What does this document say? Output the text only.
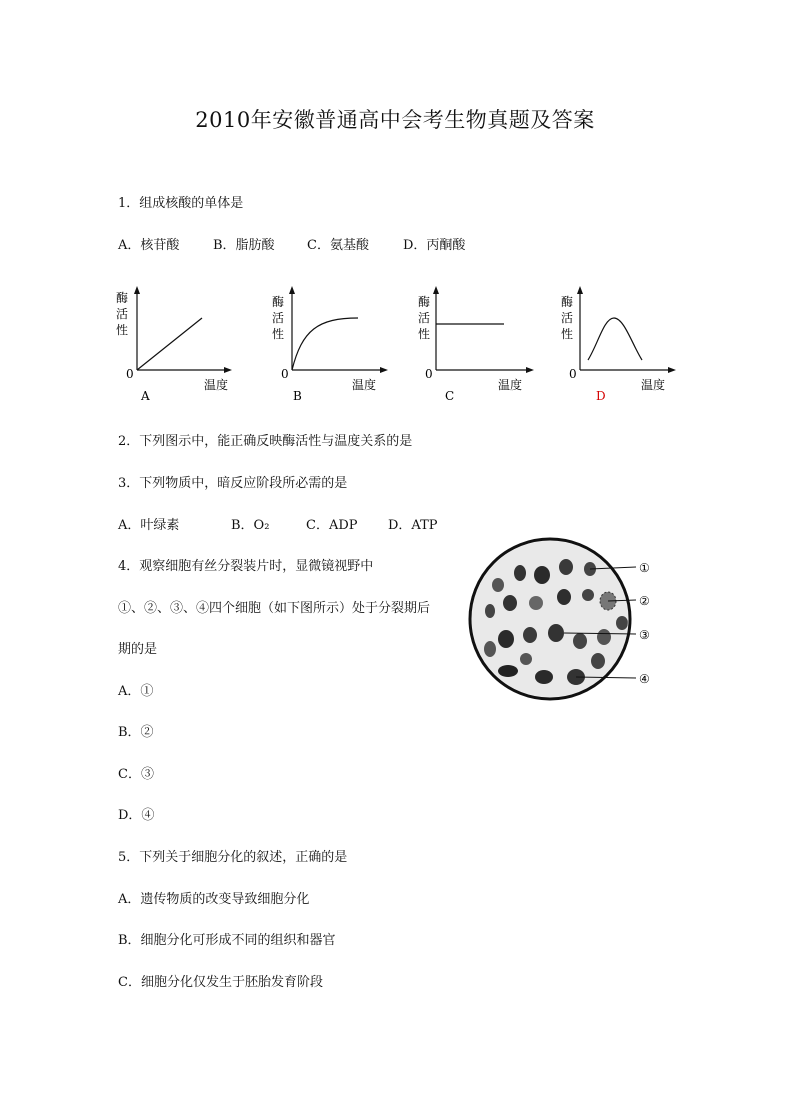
2010年安徽普通高中会考生物真题及答案
1．组成核酸的单体是
A．核苷酸	B．脂肪酸 C．氨基酸	D．丙酮酸
酶
活
性
0
温度
A
酶
活
性
0
温度
B
酶
活
性
0
温度
C
酶
活
性
0
温度
D
2．下列图示中，能正确反映酶活性与温度关系的是
3．下列物质中，暗反应阶段所必需的是
A．叶绿素	B．O₂	C．ADP D．ATP
4．观察细胞有丝分裂装片时，显微镜视野中
①、②、③、④四个细胞（如下图所示）处于分裂期后
期的是
A．①
B．②
C．③
D．④
①
②
③
④
5．下列关于细胞分化的叙述，正确的是
A．遗传物质的改变导致细胞分化
B．细胞分化可形成不同的组织和器官
C．细胞分化仅发生于胚胎发育阶段
